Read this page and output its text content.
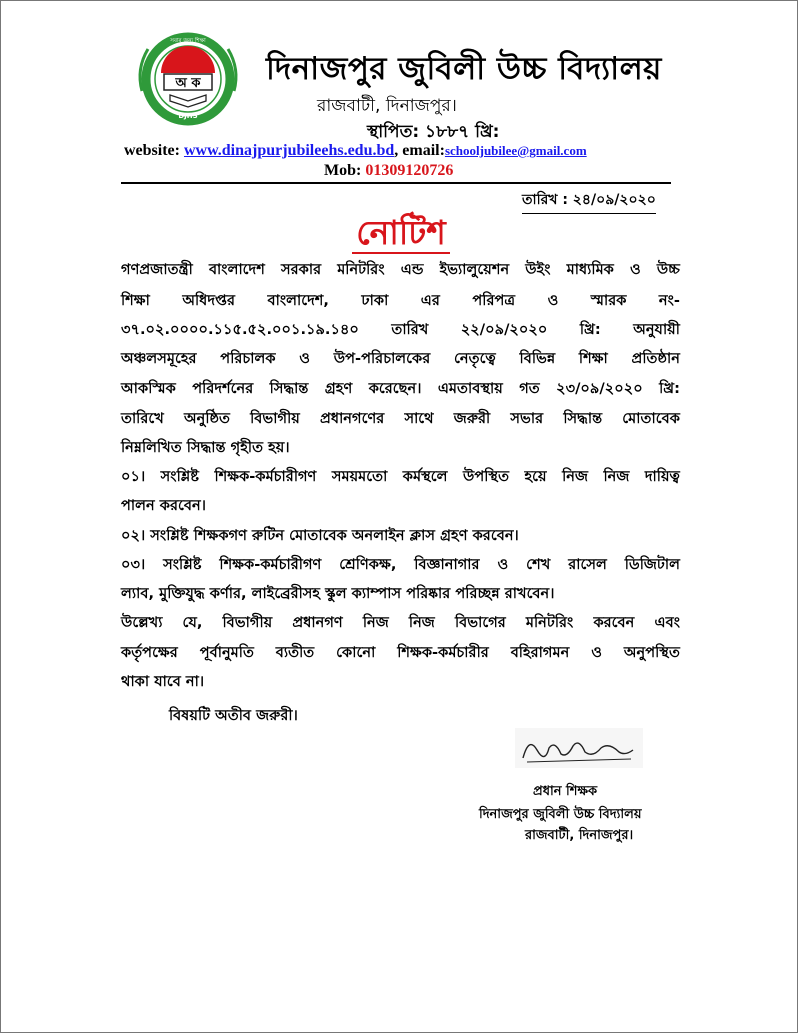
অ ক
DJHS
সবার জন্য শিক্ষা
দিনাজপুর জুবিলী উচ্চ বিদ্যালয়
রাজবাটী, দিনাজপুর।
স্থাপিত: ১৮৮৭ খ্রি:
website: www.dinajpurjubileehs.edu.bd, email:schooljubilee@gmail.com
Mob: 01309120726
তারিখ : ২৪/০৯/২০২০
নোটিশ
গণপ্রজাতন্ত্রী বাংলাদেশ সরকার মনিটরিং এন্ড ইভ্যালুয়েশন উইং মাধ্যমিক ও উচ্চ
শিক্ষা অধিদপ্তর বাংলাদেশ, ঢাকা এর পরিপত্র ও স্মারক নং-
৩৭.০২.০০০০.১১৫.৫২.০০১.১৯.১৪০ তারিখ ২২/০৯/২০২০ খ্রি: অনুযায়ী
অঞ্চলসমূহের পরিচালক ও উপ-পরিচালকের নেতৃত্বে বিভিন্ন শিক্ষা প্রতিষ্ঠান
আকস্মিক পরিদর্শনের সিদ্ধান্ত গ্রহণ করেছেন। এমতাবস্থায় গত ২৩/০৯/২০২০ খ্রি:
তারিখে অনুষ্ঠিত বিভাগীয় প্রধানগণের সাথে জরুরী সভার সিদ্ধান্ত মোতাবেক
নিম্নলিখিত সিদ্ধান্ত গৃহীত হয়।
০১। সংশ্লিষ্ট শিক্ষক-কর্মচারীগণ সময়মতো কর্মস্থলে উপস্থিত হয়ে নিজ নিজ দায়িত্ব
পালন করবেন।
০২। সংশ্লিষ্ট শিক্ষকগণ রুটিন মোতাবেক অনলাইন ক্লাস গ্রহণ করবেন।
০৩। সংশ্লিষ্ট শিক্ষক-কর্মচারীগণ শ্রেণিকক্ষ, বিজ্ঞানাগার ও শেখ রাসেল ডিজিটাল
ল্যাব, মুক্তিযুদ্ধ কর্ণার, লাইব্রেরীসহ স্কুল ক্যাম্পাস পরিষ্কার পরিচ্ছন্ন রাখবেন।
উল্লেখ্য যে, বিভাগীয় প্রধানগণ নিজ নিজ বিভাগের মনিটরিং করবেন এবং
কর্তৃপক্ষের পূর্বানুমতি ব্যতীত কোনো শিক্ষক-কর্মচারীর বহিরাগমন ও অনুপস্থিত
থাকা যাবে না।
বিষয়টি অতীব জরুরী।
প্রধান শিক্ষক
দিনাজপুর জুবিলী উচ্চ বিদ্যালয়
রাজবাটী, দিনাজপুর।
